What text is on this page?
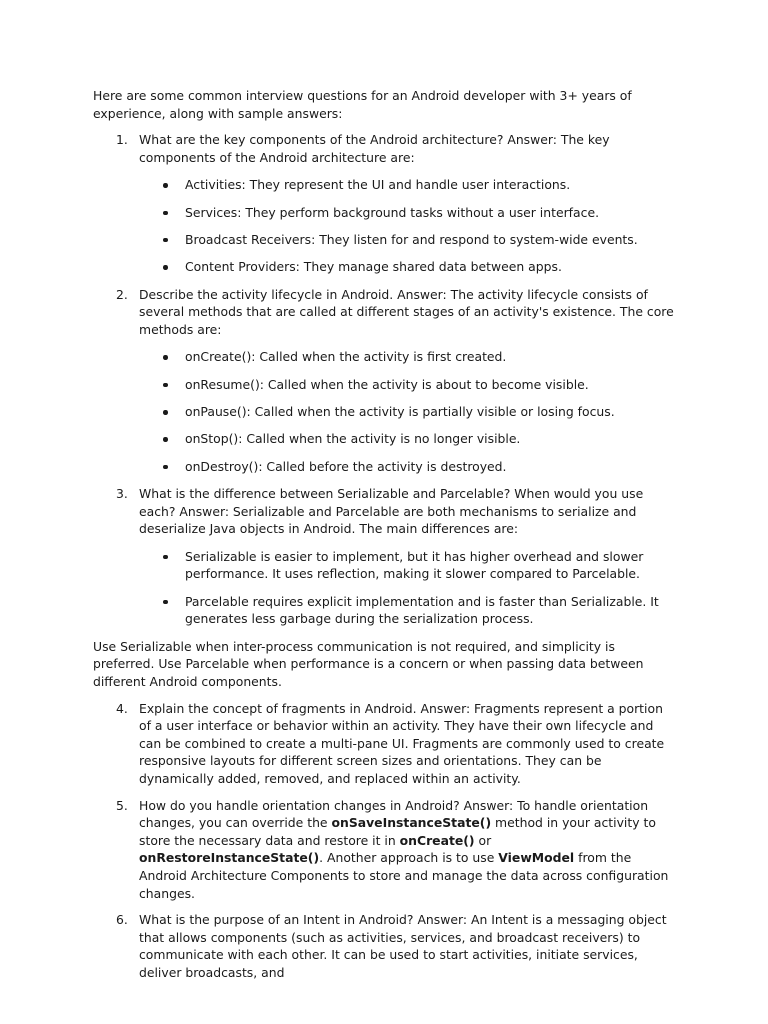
Here are some common interview questions for an Android developer with 3+ years of experience, along with sample answers:

1. What are the key components of the Android architecture? Answer: The key components of the Android architecture are:
Activities: They represent the UI and handle user interactions.
Services: They perform background tasks without a user interface.
Broadcast Receivers: They listen for and respond to system-wide events.
Content Providers: They manage shared data between apps.
2. Describe the activity lifecycle in Android. Answer: The activity lifecycle consists of several methods that are called at different stages of an activity's existence. The core methods are:
onCreate(): Called when the activity is first created.
onResume(): Called when the activity is about to become visible.
onPause(): Called when the activity is partially visible or losing focus.
onStop(): Called when the activity is no longer visible.
onDestroy(): Called before the activity is destroyed.
3. What is the difference between Serializable and Parcelable? When would you use each? Answer: Serializable and Parcelable are both mechanisms to serialize and deserialize Java objects in Android. The main differences are:
Serializable is easier to implement, but it has higher overhead and slower performance. It uses reflection, making it slower compared to Parcelable.
Parcelable requires explicit implementation and is faster than Serializable. It generates less garbage during the serialization process.

Use Serializable when inter-process communication is not required, and simplicity is preferred. Use Parcelable when performance is a concern or when passing data between different Android components.

4. Explain the concept of fragments in Android. Answer: Fragments represent a portion of a user interface or behavior within an activity. They have their own lifecycle and can be combined to create a multi-pane UI. Fragments are commonly used to create responsive layouts for different screen sizes and orientations. They can be dynamically added, removed, and replaced within an activity.
5. How do you handle orientation changes in Android? Answer: To handle orientation changes, you can override the onSaveInstanceState() method in your activity to store the necessary data and restore it in onCreate() or onRestoreInstanceState(). Another approach is to use ViewModel from the Android Architecture Components to store and manage the data across configuration changes.
6. What is the purpose of an Intent in Android? Answer: An Intent is a messaging object that allows components (such as activities, services, and broadcast receivers) to communicate with each other. It can be used to start activities, initiate services, deliver broadcasts, and
